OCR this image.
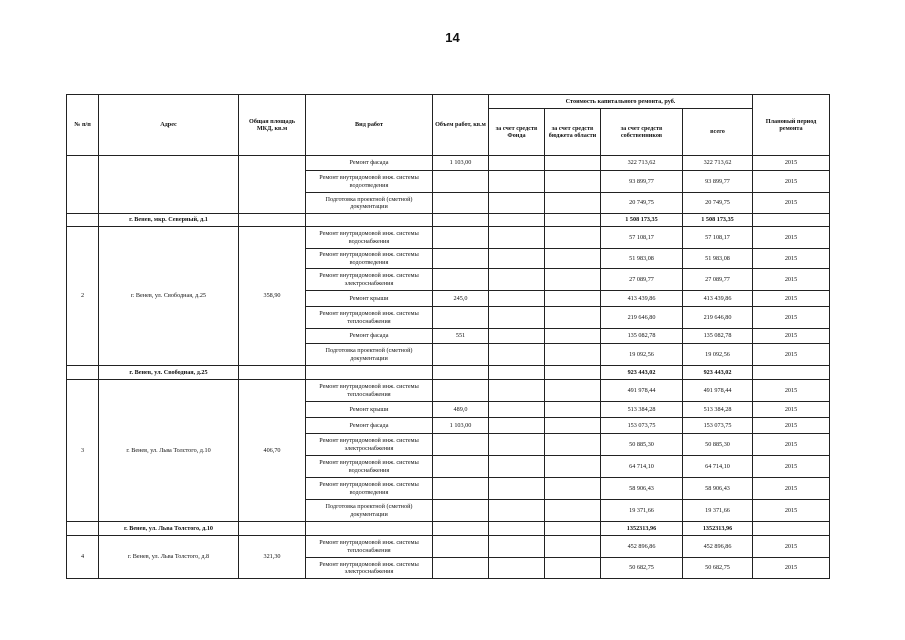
14
№ п/п	Адрес	Общая площадь МКД, кв.м	Вид работ	Объем работ, кв.м	Стоимость капитального ремонта, руб.				Плановый период ремонта
					за счет средств Фонда	за счет средств бюджета области	за счет средств собственников	всего	
			Ремонт фасада	1 103,00			322 713,62	322 713,62	2015
			Ремонт внутридомовой инж. системы водоотведения				93 899,77	93 899,77	2015
			Подготовка проектной (сметной) документации				20 749,75	20 749,75	2015
	г. Венев, мкр. Северный, д.1						1 508 173,35	1 508 173,35	
2	г. Венев, ул. Свободная, д.25	358,90	Ремонт внутридомовой инж. системы водоснабжения				57 108,17	57 108,17	2015
			Ремонт внутридомовой инж. системы водоотведения				51 983,08	51 983,08	2015
			Ремонт внутридомовой инж. системы электроснабжения				27 089,77	27 089,77	2015
			Ремонт крыши	245,0			413 439,86	413 439,86	2015
			Ремонт внутридомовой инж. системы теплоснабжения				219 646,80	219 646,80	2015
			Ремонт фасада	551			135 082,78	135 082,78	2015
			Подготовка проектной (сметной) документации				19 092,56	19 092,56	2015
	г. Венев, ул. Свободная, д.25						923 443,02	923 443,02	
3	г. Венев, ул. Льва Толстого, д.10	406,70	Ремонт внутридомовой инж. системы теплоснабжения				491 978,44	491 978,44	2015
			Ремонт крыши	489,0			513 384,28	513 384,28	2015
			Ремонт фасада	1 103,00			153 073,75	153 073,75	2015
			Ремонт внутридомовой инж. системы электроснабжения				50 885,30	50 885,30	2015
			Ремонт внутридомовой инж. системы водоснабжения				64 714,10	64 714,10	2015
			Ремонт внутридомовой инж. системы водоотведения				58 906,43	58 906,43	2015
			Подготовка проектной (сметной) документации				19 371,66	19 371,66	2015
	г. Венев, ул. Льва Толстого, д.10						1352313,96	1352313,96	
4	г. Венев, ул. Льва Толстого, д.8	321,30	Ремонт внутридомовой инж. системы теплоснабжения				452 896,86	452 896,86	2015
			Ремонт внутридомовой инж. системы электроснабжения				50 682,75	50 682,75	2015
